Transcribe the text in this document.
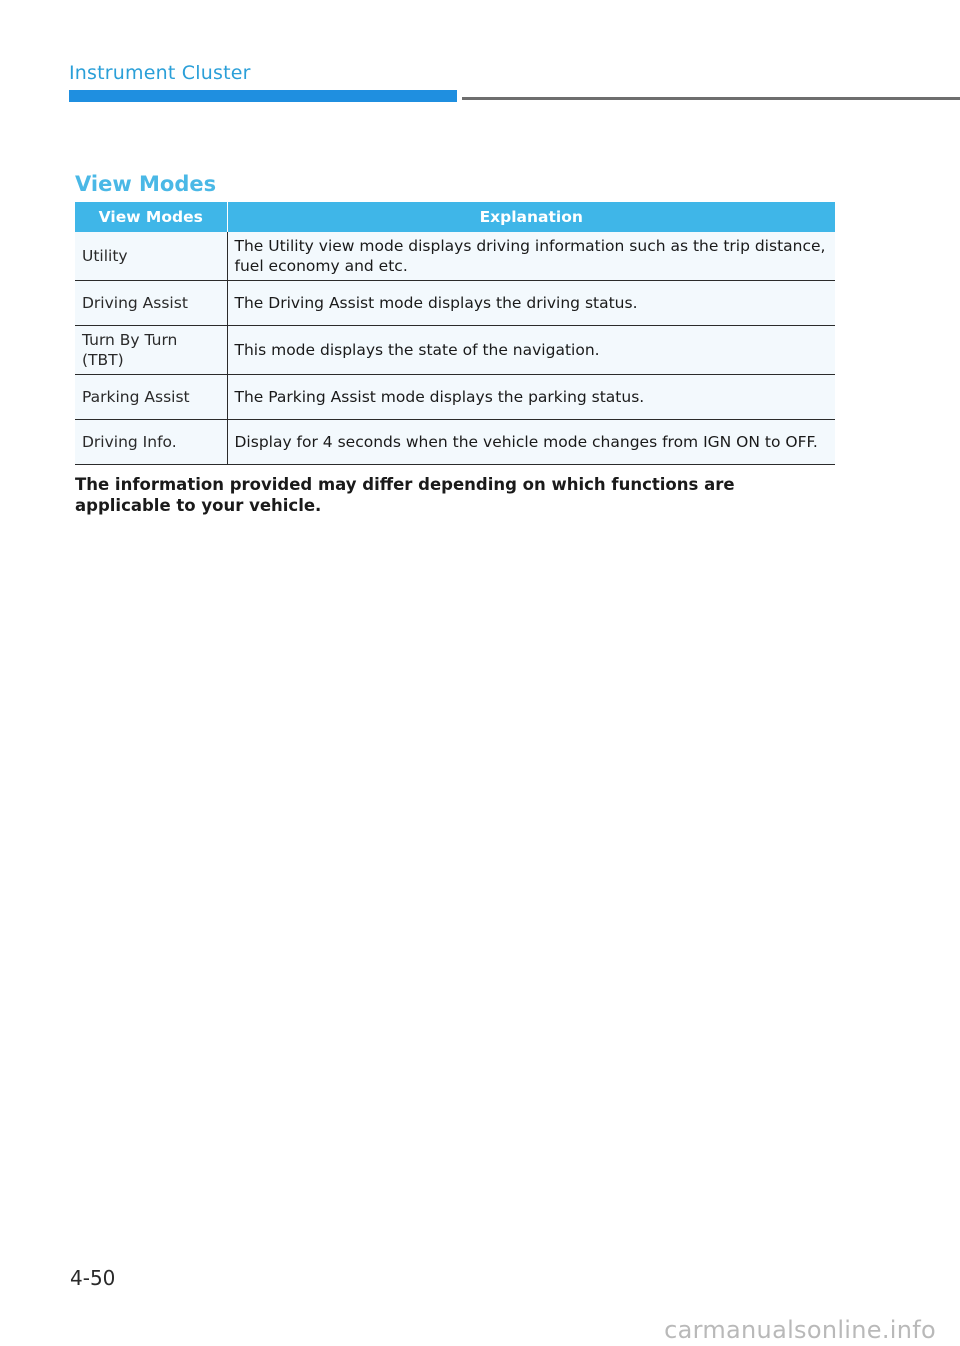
Instrument Cluster
View Modes
View Modes	Explanation
Utility	The Utility view mode displays driving information such as the trip distance, fuel economy and etc.
Driving Assist	The Driving Assist mode displays the driving status.
Turn By Turn (TBT)	This mode displays the state of the navigation.
Parking Assist	The Parking Assist mode displays the parking status.
Driving Info.	Display for 4 seconds when the vehicle mode changes from IGN ON to OFF.
The information provided may differ depending on which functions are applicable to your vehicle.
4-50
carmanualsonline.info
